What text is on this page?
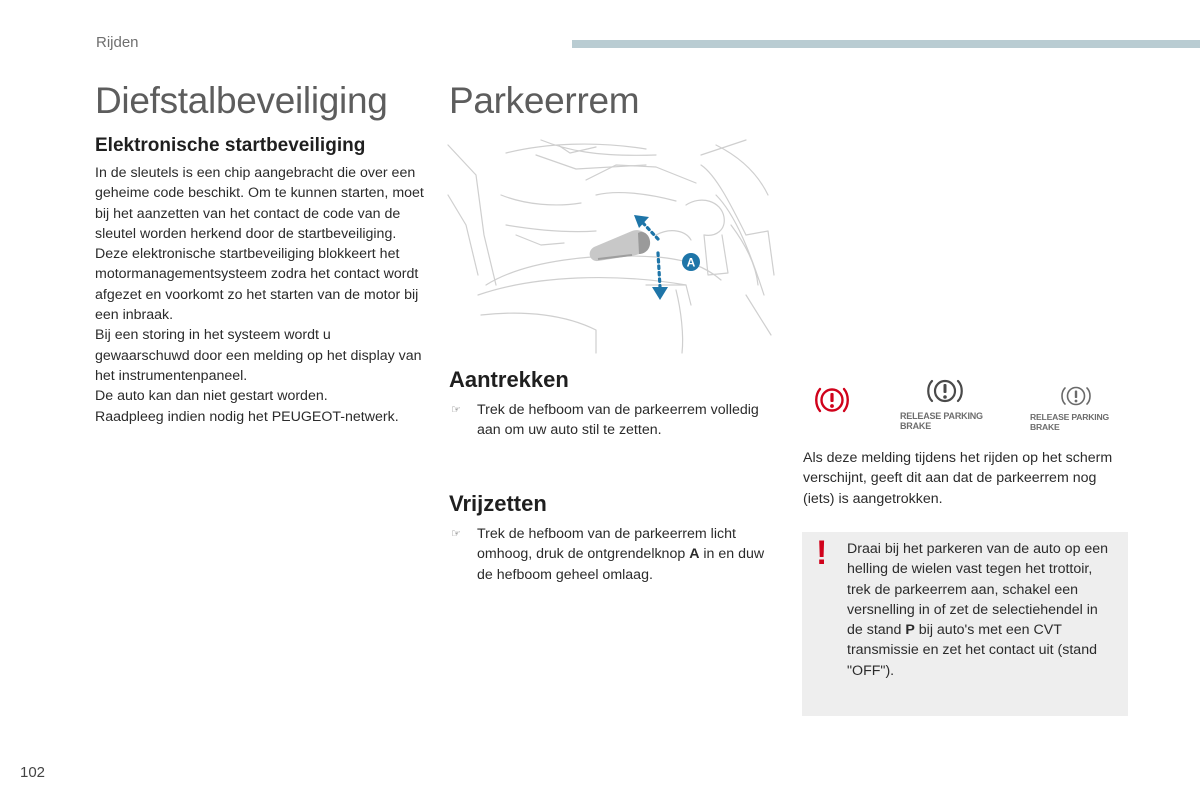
Rijden
Diefstalbeveiliging
Elektronische startbeveiliging

In de sleutels is een chip aangebracht die over een geheime code beschikt. Om te kunnen starten, moet bij het aanzetten van het contact de code van de sleutel worden herkend door de startbeveiliging.

Deze elektronische startbeveiliging blokkeert het motormanagementsysteem zodra het contact wordt afgezet en voorkomt zo het starten van de motor bij een inbraak.

Bij een storing in het systeem wordt u gewaarschuwd door een melding op het display van het instrumentenpaneel.

De auto kan dan niet gestart worden.

Raadpleeg indien nodig het PEUGEOT-netwerk.

Parkeerrem
A
Aantrekken
☞ Trek de hefboom van de parkeerrem volledig aan om uw auto stil te zetten.
Vrijzetten
☞ Trek de hefboom van de parkeerrem licht omhoog, druk de ontgrendelknop A in en duw de hefboom geheel omlaag.
RELEASE PARKING
BRAKE
RELEASE PARKING BRAKE
Als deze melding tijdens het rijden op het scherm verschijnt, geeft dit aan dat de parkeerrem nog (iets) is aangetrokken.
! Draai bij het parkeren van de auto op een helling de wielen vast tegen het trottoir, trek de parkeerrem aan, schakel een versnelling in of zet de selectiehendel in de stand P bij auto's met een CVT transmissie en zet het contact uit (stand "OFF").
102
